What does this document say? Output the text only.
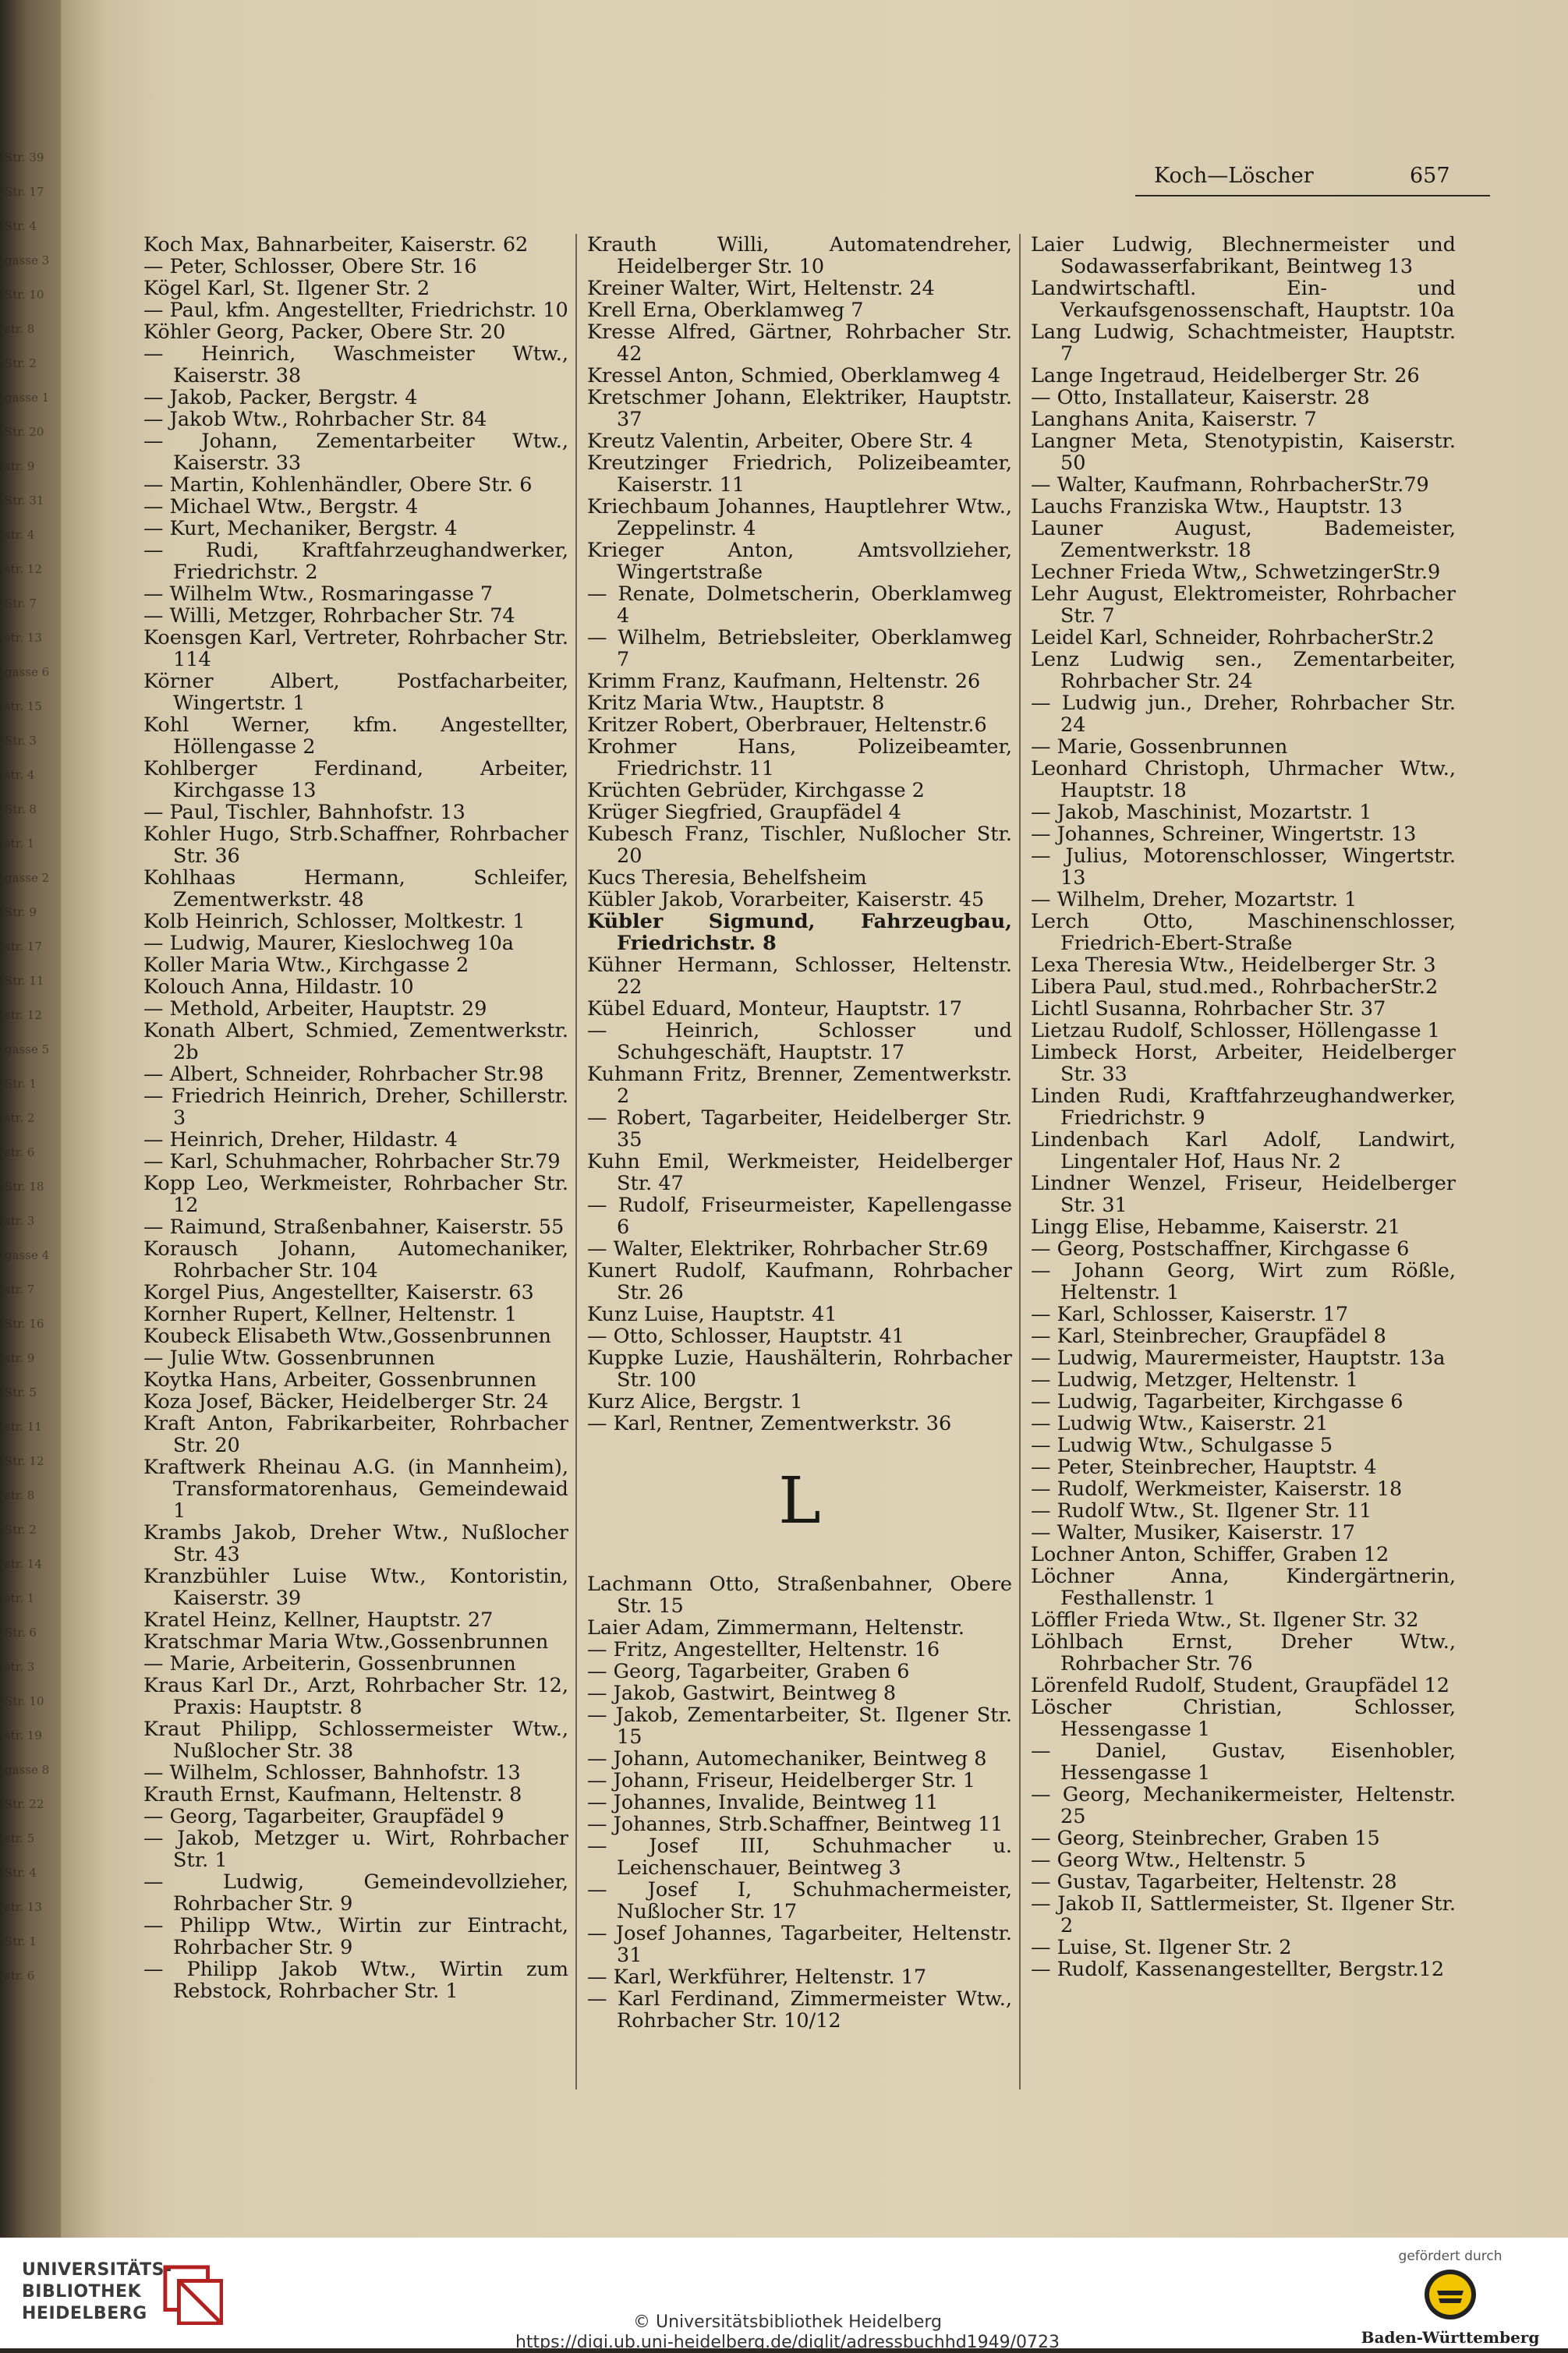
Str. 39
Str. 17
Str. 4
gasse 3
Str. 10
str. 8
Str. 2
gasse 1
Str. 20
str. 9
Str. 31
str. 4
str. 12
Str. 7
str. 13
gasse 6
str. 15
Str. 3
str. 4
Str. 8
str. 1
gasse 2
Str. 9
str. 17
Str. 11
str. 12
gasse 5
Str. 1
str. 2
str. 6
Str. 18
str. 3
gasse 4
str. 7
Str. 16
str. 9
Str. 5
str. 11
Str. 12
str. 8
Str. 2
str. 14
str. 1
Str. 6
str. 3
Str. 10
str. 19
gasse 8
Str. 22
str. 5
Str. 4
str. 13
Str. 1
str. 6
Koch—Löscher	657

Koch Max, Bahnarbeiter, Kaiserstr. 62

— Peter, Schlosser, Obere Str. 16

Kögel Karl, St. Ilgener Str. 2

— Paul, kfm. Angestellter, Friedrichstr. 10

Köhler Georg, Packer, Obere Str. 20

— Heinrich, Waschmeister Wtw., Kaiserstr. 38

— Jakob, Packer, Bergstr. 4

— Jakob Wtw., Rohrbacher Str. 84

— Johann, Zementarbeiter Wtw., Kaiserstr. 33

— Martin, Kohlenhändler, Obere Str. 6

— Michael Wtw., Bergstr. 4

— Kurt, Mechaniker, Bergstr. 4

— Rudi, Kraftfahrzeughandwerker, Friedrichstr. 2

— Wilhelm Wtw., Rosmaringasse 7

— Willi, Metzger, Rohrbacher Str. 74

Koensgen Karl, Vertreter, Rohrbacher Str. 114

Körner Albert, Postfacharbeiter, Wingertstr. 1

Kohl Werner, kfm. Angestellter, Höllengasse 2

Kohlberger Ferdinand, Arbeiter, Kirchgasse 13

— Paul, Tischler, Bahnhofstr. 13

Kohler Hugo, Strb.Schaffner, Rohrbacher Str. 36

Kohlhaas Hermann, Schleifer, Zementwerkstr. 48

Kolb Heinrich, Schlosser, Moltkestr. 1

— Ludwig, Maurer, Kieslochweg 10a

Koller Maria Wtw., Kirchgasse 2

Kolouch Anna, Hildastr. 10

— Methold, Arbeiter, Hauptstr. 29

Konath Albert, Schmied, Zementwerkstr. 2b

— Albert, Schneider, Rohrbacher Str.98

— Friedrich Heinrich, Dreher, Schillerstr. 3

— Heinrich, Dreher, Hildastr. 4

— Karl, Schuhmacher, Rohrbacher Str.79

Kopp Leo, Werkmeister, Rohrbacher Str. 12

— Raimund, Straßenbahner, Kaiserstr. 55

Korausch Johann, Automechaniker, Rohrbacher Str. 104

Korgel Pius, Angestellter, Kaiserstr. 63

Kornher Rupert, Kellner, Heltenstr. 1

Koubeck Elisabeth Wtw.,Gossenbrunnen

— Julie Wtw. Gossenbrunnen

Koytka Hans, Arbeiter, Gossenbrunnen

Koza Josef, Bäcker, Heidelberger Str. 24

Kraft Anton, Fabrikarbeiter, Rohrbacher Str. 20

Kraftwerk Rheinau A.G. (in Mannheim), Transformatorenhaus, Gemeindewaid 1

Krambs Jakob, Dreher Wtw., Nußlocher Str. 43

Kranzbühler Luise Wtw., Kontoristin, Kaiserstr. 39

Kratel Heinz, Kellner, Hauptstr. 27

Kratschmar Maria Wtw.,Gossenbrunnen

— Marie, Arbeiterin, Gossenbrunnen

Kraus Karl Dr., Arzt, Rohrbacher Str. 12, Praxis: Hauptstr. 8

Kraut Philipp, Schlossermeister Wtw., Nußlocher Str. 38

— Wilhelm, Schlosser, Bahnhofstr. 13

Krauth Ernst, Kaufmann, Heltenstr. 8

— Georg, Tagarbeiter, Graupfädel 9

— Jakob, Metzger u. Wirt, Rohrbacher Str. 1

— Ludwig, Gemeindevollzieher, Rohrbacher Str. 9

— Philipp Wtw., Wirtin zur Eintracht, Rohrbacher Str. 9

— Philipp Jakob Wtw., Wirtin zum Rebstock, Rohrbacher Str. 1

Krauth Willi, Automatendreher, Heidelberger Str. 10

Kreiner Walter, Wirt, Heltenstr. 24

Krell Erna, Oberklamweg 7

Kresse Alfred, Gärtner, Rohrbacher Str. 42

Kressel Anton, Schmied, Oberklamweg 4

Kretschmer Johann, Elektriker, Hauptstr. 37

Kreutz Valentin, Arbeiter, Obere Str. 4

Kreutzinger Friedrich, Polizeibeamter, Kaiserstr. 11

Kriechbaum Johannes, Hauptlehrer Wtw., Zeppelinstr. 4

Krieger Anton, Amtsvollzieher, Wingertstraße

— Renate, Dolmetscherin, Oberklamweg 4

— Wilhelm, Betriebsleiter, Oberklamweg 7

Krimm Franz, Kaufmann, Heltenstr. 26

Kritz Maria Wtw., Hauptstr. 8

Kritzer Robert, Oberbrauer, Heltenstr.6

Krohmer Hans, Polizeibeamter, Friedrichstr. 11

Krüchten Gebrüder, Kirchgasse 2

Krüger Siegfried, Graupfädel 4

Kubesch Franz, Tischler, Nußlocher Str. 20

Kucs Theresia, Behelfsheim

Kübler Jakob, Vorarbeiter, Kaiserstr. 45

Kübler Sigmund, Fahrzeugbau, Friedrichstr. 8

Kühner Hermann, Schlosser, Heltenstr. 22

Kübel Eduard, Monteur, Hauptstr. 17

— Heinrich, Schlosser und Schuhgeschäft, Hauptstr. 17

Kuhmann Fritz, Brenner, Zementwerkstr. 2

— Robert, Tagarbeiter, Heidelberger Str. 35

Kuhn Emil, Werkmeister, Heidelberger Str. 47

— Rudolf, Friseurmeister, Kapellengasse 6

— Walter, Elektriker, Rohrbacher Str.69

Kunert Rudolf, Kaufmann, Rohrbacher Str. 26

Kunz Luise, Hauptstr. 41

— Otto, Schlosser, Hauptstr. 41

Kuppke Luzie, Haushälterin, Rohrbacher Str. 100

Kurz Alice, Bergstr. 1

— Karl, Rentner, Zementwerkstr. 36

L

Lachmann Otto, Straßenbahner, Obere Str. 15

Laier Adam, Zimmermann, Heltenstr.

— Fritz, Angestellter, Heltenstr. 16

— Georg, Tagarbeiter, Graben 6

— Jakob, Gastwirt, Beintweg 8

— Jakob, Zementarbeiter, St. Ilgener Str. 15

— Johann, Automechaniker, Beintweg 8

— Johann, Friseur, Heidelberger Str. 1

— Johannes, Invalide, Beintweg 11

— Johannes, Strb.Schaffner, Beintweg 11

— Josef III, Schuhmacher u. Leichenschauer, Beintweg 3

— Josef I, Schuhmachermeister, Nußlocher Str. 17

— Josef Johannes, Tagarbeiter, Heltenstr. 31

— Karl, Werkführer, Heltenstr. 17

— Karl Ferdinand, Zimmermeister Wtw., Rohrbacher Str. 10/12

Laier Ludwig, Blechnermeister und Sodawasserfabrikant, Beintweg 13

Landwirtschaftl. Ein- und Verkaufsgenossenschaft, Hauptstr. 10a

Lang Ludwig, Schachtmeister, Hauptstr. 7

Lange Ingetraud, Heidelberger Str. 26

— Otto, Installateur, Kaiserstr. 28

Langhans Anita, Kaiserstr. 7

Langner Meta, Stenotypistin, Kaiserstr. 50

— Walter, Kaufmann, RohrbacherStr.79

Lauchs Franziska Wtw., Hauptstr. 13

Launer August, Bademeister, Zementwerkstr. 18

Lechner Frieda Wtw,, SchwetzingerStr.9

Lehr August, Elektromeister, Rohrbacher Str. 7

Leidel Karl, Schneider, RohrbacherStr.2

Lenz Ludwig sen., Zementarbeiter, Rohrbacher Str. 24

— Ludwig jun., Dreher, Rohrbacher Str. 24

— Marie, Gossenbrunnen

Leonhard Christoph, Uhrmacher Wtw., Hauptstr. 18

— Jakob, Maschinist, Mozartstr. 1

— Johannes, Schreiner, Wingertstr. 13

— Julius, Motorenschlosser, Wingertstr. 13

— Wilhelm, Dreher, Mozartstr. 1

Lerch Otto, Maschinenschlosser, Friedrich-Ebert-Straße

Lexa Theresia Wtw., Heidelberger Str. 3

Libera Paul, stud.med., RohrbacherStr.2

Lichtl Susanna, Rohrbacher Str. 37

Lietzau Rudolf, Schlosser, Höllengasse 1

Limbeck Horst, Arbeiter, Heidelberger Str. 33

Linden Rudi, Kraftfahrzeughandwerker, Friedrichstr. 9

Lindenbach Karl Adolf, Landwirt, Lingentaler Hof, Haus Nr. 2

Lindner Wenzel, Friseur, Heidelberger Str. 31

Lingg Elise, Hebamme, Kaiserstr. 21

— Georg, Postschaffner, Kirchgasse 6

— Johann Georg, Wirt zum Rößle, Heltenstr. 1

— Karl, Schlosser, Kaiserstr. 17

— Karl, Steinbrecher, Graupfädel 8

— Ludwig, Maurermeister, Hauptstr. 13a

— Ludwig, Metzger, Heltenstr. 1

— Ludwig, Tagarbeiter, Kirchgasse 6

— Ludwig Wtw., Kaiserstr. 21

— Ludwig Wtw., Schulgasse 5

— Peter, Steinbrecher, Hauptstr. 4

— Rudolf, Werkmeister, Kaiserstr. 18

— Rudolf Wtw., St. Ilgener Str. 11

— Walter, Musiker, Kaiserstr. 17

Lochner Anton, Schiffer, Graben 12

Löchner Anna, Kindergärtnerin, Festhallenstr. 1

Löffler Frieda Wtw., St. Ilgener Str. 32

Löhlbach Ernst, Dreher Wtw., Rohrbacher Str. 76

Lörenfeld Rudolf, Student, Graupfädel 12

Löscher Christian, Schlosser, Hessengasse 1

— Daniel, Gustav, Eisenhobler, Hessengasse 1

— Georg, Mechanikermeister, Heltenstr. 25

— Georg, Steinbrecher, Graben 15

— Georg Wtw., Heltenstr. 5

— Gustav, Tagarbeiter, Heltenstr. 28

— Jakob II, Sattlermeister, St. Ilgener Str. 2

— Luise, St. Ilgener Str. 2

— Rudolf, Kassenangestellter, Bergstr.12

UNIVERSITÄTS-
BIBLIOTHEK
HEIDELBERG	© Universitätsbibliothek Heidelberg
https://digi.ub.uni-heidelberg.de/diglit/adressbuchhd1949/0723
gefördert durch
Baden-Württemberg
